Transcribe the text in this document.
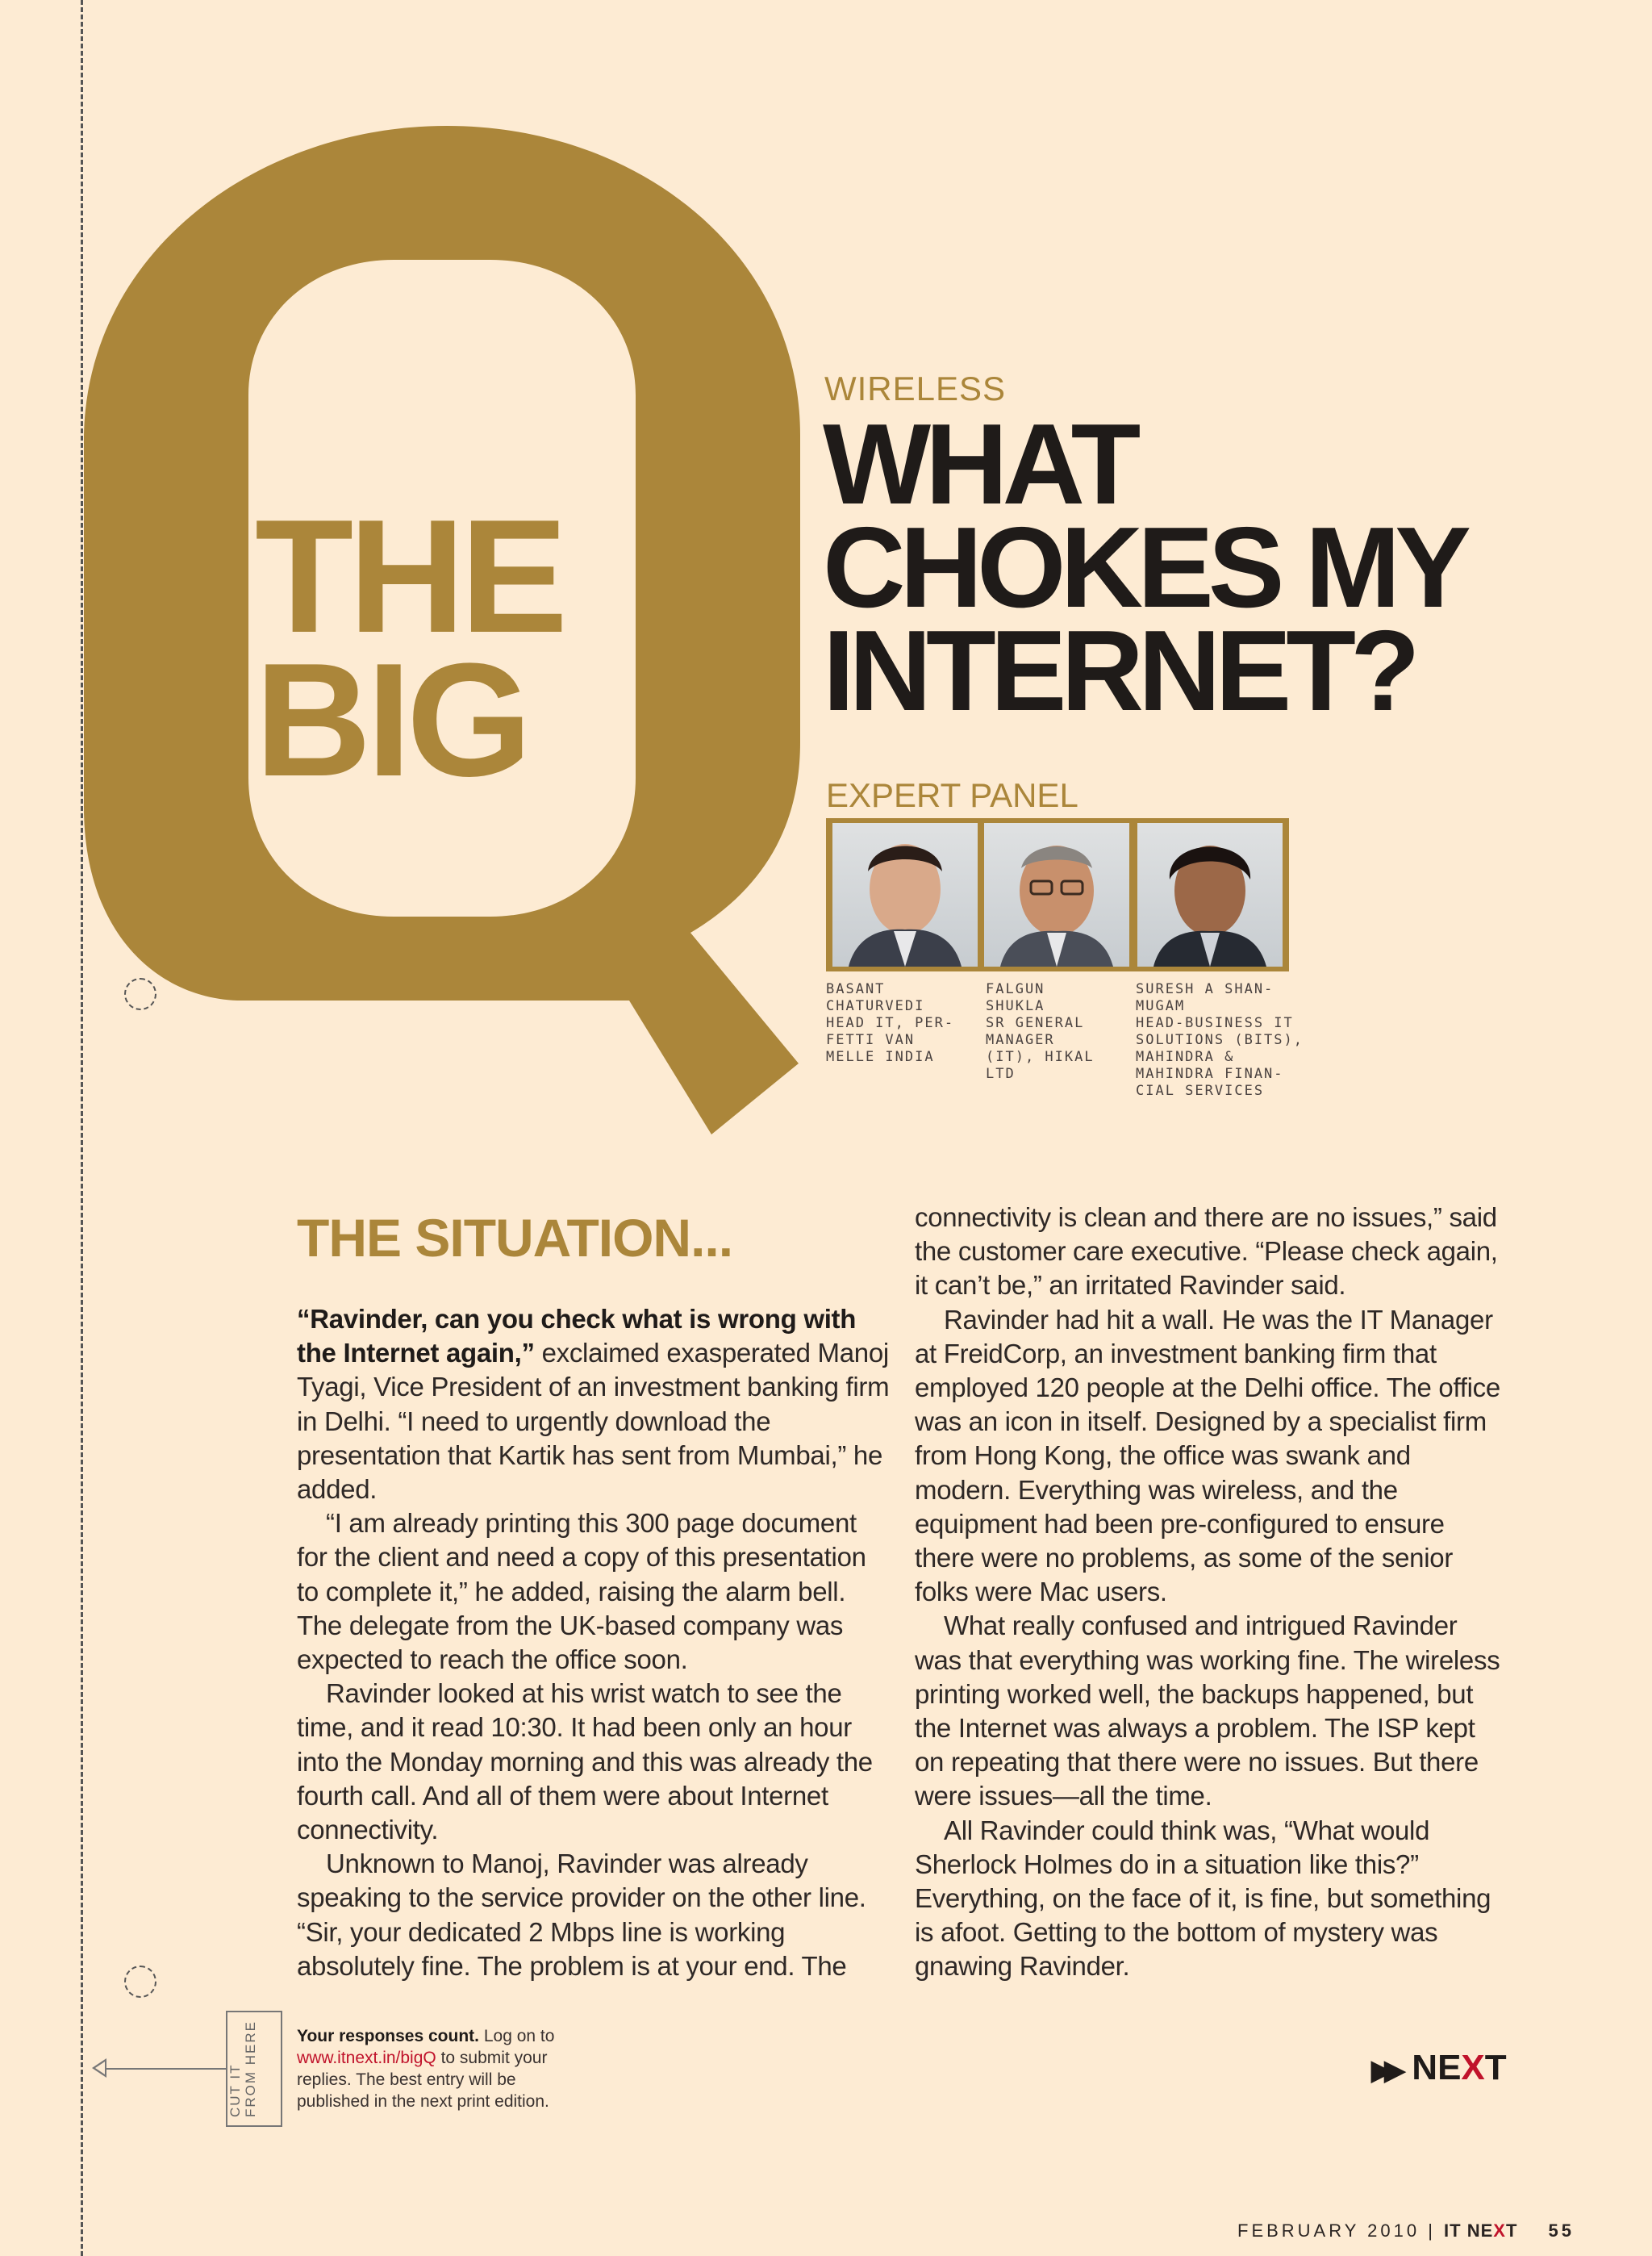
THE
BIG
WIRELESS
WHAT
CHOKES MY
INTERNET?
EXPERT PANEL
BASANT
CHATURVEDI
HEAD IT, PER-
FETTI VAN
MELLE INDIA
FALGUN
SHUKLA
SR GENERAL
MANAGER
(IT), HIKAL
LTD
SURESH A SHAN-
MUGAM
HEAD-BUSINESS IT
SOLUTIONS (BITS),
MAHINDRA &
MAHINDRA FINAN-
CIAL SERVICES
THE SITUATION...

“Ravinder, can you check what is wrong with the Internet again,” exclaimed exasperated Manoj Tyagi, Vice President of an investment banking firm in Delhi. “I need to urgently download the presentation that Kartik has sent from Mumbai,” he added.

“I am already printing this 300 page document for the client and need a copy of this presentation to complete it,” he added, raising the alarm bell. The delegate from the UK-based company was expected to reach the office soon.

Ravinder looked at his wrist watch to see the time, and it read 10:30. It had been only an hour into the Monday morning and this was already the fourth call. And all of them were about Internet connectivity.

Unknown to Manoj, Ravinder was already speaking to the service provider on the other line. “Sir, your dedicated 2 Mbps line is working absolutely fine. The problem is at your end. The

connectivity is clean and there are no issues,” said the customer care executive. “Please check again, it can’t be,” an irritated Ravinder said.

Ravinder had hit a wall. He was the IT Manager at FreidCorp, an investment banking firm that employed 120 people at the Delhi office. The office was an icon in itself. Designed by a specialist firm from Hong Kong, the office was swank and modern. Everything was wireless, and the equipment had been pre-configured to ensure there were no problems, as some of the senior folks were Mac users.

What really confused and intrigued Ravinder was that everything was working fine. The wireless printing worked well, the backups happened, but the Internet was always a problem. The ISP kept on repeating that there were no issues. But there were issues—all the time.

All Ravinder could think was, “What would Sherlock Holmes do in a situation like this?” Everything, on the face of it, is fine, but something is afoot. Getting to the bottom of mystery was gnawing Ravinder.

CUT IT FROM HERE Your responses count. Log on to www.itnext.in/bigQ to submit your replies. The best entry will be published in the next print edition.
▶▶ NEXT
FEBRUARY 2010 | IT NEXT 55
